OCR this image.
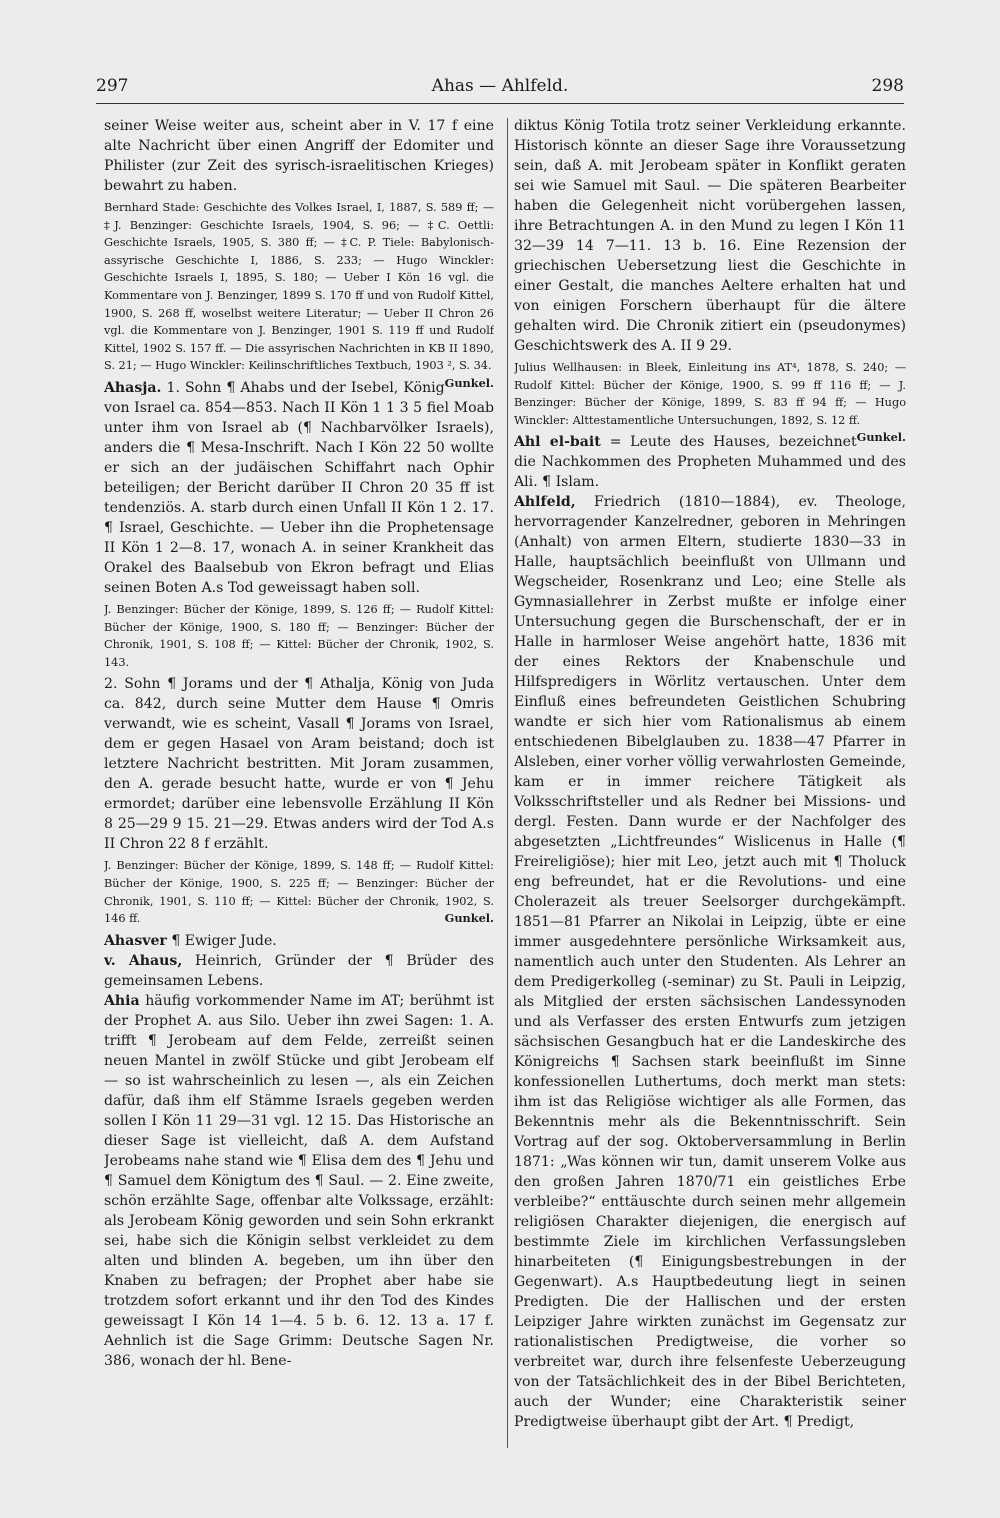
297	Ahas — Ahlfeld.	298

seiner Weise weiter aus, scheint aber in V. 17 f eine alte Nachricht über einen Angriff der Edomiter und Philister (zur Zeit des syrisch-israelitischen Krieges) bewahrt zu haben.

Bernhard Stade: Geschichte des Volkes Israel, I, 1887, S. 589 ff; — ‡J. Benzinger: Geschichte Israels, 1904, S. 96; — ‡C. Oettli: Geschichte Israels, 1905, S. 380 ff; — ‡C. P. Tiele: Babylonisch-assyrische Geschichte I, 1886, S. 233; — Hugo Winckler: Geschichte Israels I, 1895, S. 180; — Ueber I Kön 16 vgl. die Kommentare von J. Benzinger, 1899 S. 170 ff und von Rudolf Kittel, 1900, S. 268 ff, woselbst weitere Literatur; — Ueber II Chron 26 vgl. die Kommentare von J. Benzinger, 1901 S. 119 ff und Rudolf Kittel, 1902 S. 157 ff. — Die assyrischen Nachrichten in KB II 1890, S. 21; — Hugo Winckler: Keilinschriftliches Textbuch, 1903 ², S. 34.
Gunkel.

Ahasja. 1. Sohn ¶ Ahabs und der Isebel, König von Israel ca. 854—853. Nach II Kön 1 1 3 5 fiel Moab unter ihm von Israel ab (¶ Nachbarvölker Israels), anders die ¶ Mesa-Inschrift. Nach I Kön 22 50 wollte er sich an der judäischen Schiffahrt nach Ophir beteiligen; der Bericht darüber II Chron 20 35 ff ist tendenziös. A. starb durch einen Unfall II Kön 1 2. 17. ¶ Israel, Geschichte. — Ueber ihn die Prophetensage II Kön 1 2—8. 17, wonach A. in seiner Krankheit das Orakel des Baalsebub von Ekron befragt und Elias seinen Boten A.s Tod geweissagt haben soll.

J. Benzinger: Bücher der Könige, 1899, S. 126 ff; — Rudolf Kittel: Bücher der Könige, 1900, S. 180 ff; — Benzinger: Bücher der Chronik, 1901, S. 108 ff; — Kittel: Bücher der Chronik, 1902, S. 143.

2. Sohn ¶ Jorams und der ¶ Athalja, König von Juda ca. 842, durch seine Mutter dem Hause ¶ Omris verwandt, wie es scheint, Vasall ¶ Jorams von Israel, dem er gegen Hasael von Aram beistand; doch ist letztere Nachricht bestritten. Mit Joram zusammen, den A. gerade besucht hatte, wurde er von ¶ Jehu ermordet; darüber eine lebensvolle Erzählung II Kön 8 25—29 9 15. 21—29. Etwas anders wird der Tod A.s II Chron 22 8 f erzählt.

J. Benzinger: Bücher der Könige, 1899, S. 148 ff; — Rudolf Kittel: Bücher der Könige, 1900, S. 225 ff; — Benzinger: Bücher der Chronik, 1901, S. 110 ff; — Kittel: Bücher der Chronik, 1902, S. 146 ff.	Gunkel.

Ahasver ¶ Ewiger Jude.

v. Ahaus, Heinrich, Gründer der ¶ Brüder des gemeinsamen Lebens.

Ahia häufig vorkommender Name im AT; berühmt ist der Prophet A. aus Silo. Ueber ihn zwei Sagen: 1. A. trifft ¶ Jerobeam auf dem Felde, zerreißt seinen neuen Mantel in zwölf Stücke und gibt Jerobeam elf — so ist wahrscheinlich zu lesen —, als ein Zeichen dafür, daß ihm elf Stämme Israels gegeben werden sollen I Kön 11 29—31 vgl. 12 15. Das Historische an dieser Sage ist vielleicht, daß A. dem Aufstand Jerobeams nahe stand wie ¶ Elisa dem des ¶ Jehu und ¶ Samuel dem Königtum des ¶ Saul. — 2. Eine zweite, schön erzählte Sage, offenbar alte Volkssage, erzählt: als Jerobeam König geworden und sein Sohn erkrankt sei, habe sich die Königin selbst verkleidet zu dem alten und blinden A. begeben, um ihn über den Knaben zu befragen; der Prophet aber habe sie trotzdem sofort erkannt und ihr den Tod des Kindes geweissagt I Kön 14 1—4. 5 b. 6. 12. 13 a. 17 f. Aehnlich ist die Sage Grimm: Deutsche Sagen Nr. 386, wonach der hl. Bene-

diktus König Totila trotz seiner Verkleidung erkannte. Historisch könnte an dieser Sage ihre Voraussetzung sein, daß A. mit Jerobeam später in Konflikt geraten sei wie Samuel mit Saul. — Die späteren Bearbeiter haben die Gelegenheit nicht vorübergehen lassen, ihre Betrachtungen A. in den Mund zu legen I Kön 11 32—39 14 7—11. 13 b. 16. Eine Rezension der griechischen Uebersetzung liest die Geschichte in einer Gestalt, die manches Aeltere erhalten hat und von einigen Forschern überhaupt für die ältere gehalten wird. Die Chronik zitiert ein (pseudonymes) Geschichtswerk des A. II 9 29.

Julius Wellhausen: in Bleek, Einleitung ins AT⁴, 1878, S. 240; — Rudolf Kittel: Bücher der Könige, 1900, S. 99 ff 116 ff; — J. Benzinger: Bücher der Könige, 1899, S. 83 ff 94 ff; — Hugo Winckler: Alttestamentliche Untersuchungen, 1892, S. 12 ff.
Gunkel.

Ahl el-bait = Leute des Hauses, bezeichnet die Nachkommen des Propheten Muhammed und des Ali. ¶ Islam.

Ahlfeld, Friedrich (1810—1884), ev. Theologe, hervorragender Kanzelredner, geboren in Mehringen (Anhalt) von armen Eltern, studierte 1830—33 in Halle, hauptsächlich beeinflußt von Ullmann und Wegscheider, Rosenkranz und Leo; eine Stelle als Gymnasiallehrer in Zerbst mußte er infolge einer Untersuchung gegen die Burschenschaft, der er in Halle in harmloser Weise angehört hatte, 1836 mit der eines Rektors der Knabenschule und Hilfspredigers in Wörlitz vertauschen. Unter dem Einfluß eines befreundeten Geistlichen Schubring wandte er sich hier vom Rationalismus ab einem entschiedenen Bibelglauben zu. 1838—47 Pfarrer in Alsleben, einer vorher völlig verwahrlosten Gemeinde, kam er in immer reichere Tätigkeit als Volksschriftsteller und als Redner bei Missions- und dergl. Festen. Dann wurde er der Nachfolger des abgesetzten „Lichtfreundes“ Wislicenus in Halle (¶ Freireligiöse); hier mit Leo, jetzt auch mit ¶ Tholuck eng befreundet, hat er die Revolutions- und eine Cholerazeit als treuer Seelsorger durchgekämpft. 1851—81 Pfarrer an Nikolai in Leipzig, übte er eine immer ausgedehntere persönliche Wirksamkeit aus, namentlich auch unter den Studenten. Als Lehrer an dem Predigerkolleg (-seminar) zu St. Pauli in Leipzig, als Mitglied der ersten sächsischen Landessynoden und als Verfasser des ersten Entwurfs zum jetzigen sächsischen Gesangbuch hat er die Landeskirche des Königreichs ¶ Sachsen stark beeinflußt im Sinne konfessionellen Luthertums, doch merkt man stets: ihm ist das Religiöse wichtiger als alle Formen, das Bekenntnis mehr als die Bekenntnisschrift. Sein Vortrag auf der sog. Oktoberversammlung in Berlin 1871: „Was können wir tun, damit unserem Volke aus den großen Jahren 1870/71 ein geistliches Erbe verbleibe?“ enttäuschte durch seinen mehr allgemein religiösen Charakter diejenigen, die energisch auf bestimmte Ziele im kirchlichen Verfassungsleben hinarbeiteten (¶ Einigungsbestrebungen in der Gegenwart). A.s Hauptbedeutung liegt in seinen Predigten. Die der Hallischen und der ersten Leipziger Jahre wirkten zunächst im Gegensatz zur rationalistischen Predigtweise, die vorher so verbreitet war, durch ihre felsenfeste Ueberzeugung von der Tatsächlichkeit des in der Bibel Berichteten, auch der Wunder; eine Charakteristik seiner Predigtweise überhaupt gibt der Art. ¶ Predigt,
